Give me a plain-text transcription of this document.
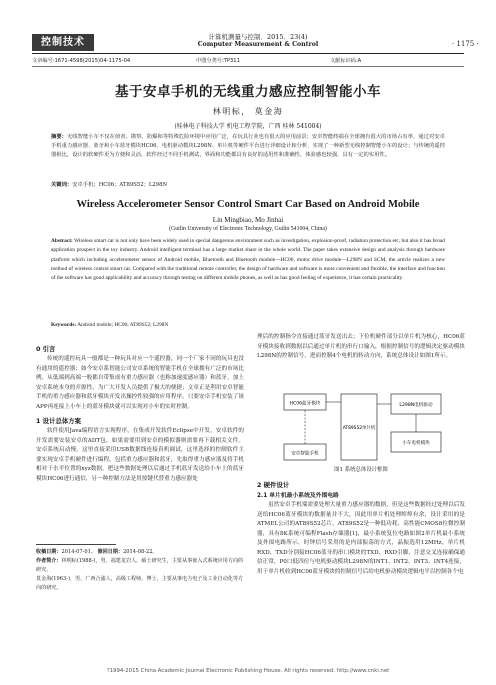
控制技术	计算机测量与控制．2015．23(4)
Computer Measurement & Control	· 1175 ·
文章编号:1671-4598(2015)04-1175-04	中图分类号:TP311	文献标识码:A
基于安卓手机的无线重力感应控制智能小车
林明标， 莫金海
(桂林电子科技大学 机电工程学院，广西 桂林 541004)
摘要：无线智能小车不仅在侦查、勘察、防爆和等特殊危险环境中应用广泛，在玩具行业也有很大的应用前景；安卓智能终端在全球拥有很大的市场占有率，通过对安卓手机重力感应器、蓝牙和小车蓝牙模块HC06、电机驱动模块L298N、单片机等硬件平台进行详细设计和分析，实现了一种新型无线控制智能小车的设计；与传统的遥控器相比，设计的软硬件更为方便和灵活，软件经过不同手机测试，界面和功能都具有良好的适用性和准确性，体验感也较强，具有一定的实用性。
关键词：安卓手机；HC06；AT89S52；L298N
Wireless Accelerometer Sensor Control Smart Car Based on Android Mobile
Lin Mingbiao, Mo Jinhai
(Guilin University of Electronic Technology, Guilin 541004, China)
Abstract: Wireless smart car is not only have been widely used in special dangerous environment such as investigation, explosion-proof, radiation protection etc, but also it has broad application prospect in the toy industry. Android intelligent terminal has a large market share in the whole world. The paper takes extensive design and analysis through hardware platform which including accelerometer sensor of Android mobile, Bluetooth and Bluetooth module—HC06, motor drive module—L298N and SCM, the article realizes a new method of wireless control smart car. Compared with the traditional remote controller, the design of hardware and software is more convenient and flexible, the interface and function of the software has good applicability and accuracy through testing on different mobile phones, as well as has good feeling of experience, it has certain practicality.
Keywords: Android mobile; HC06; AT89S52; L298N
0 引言
传统的遥控玩具一般都是一种玩具对应一个遥控器，同一个厂家不同的玩具也没有通用的遥控器；如今安卓系智能公司安卓系统的智能手机在全球拥有广泛的市场比例，从低端到高端一般都自带集成有重力感应器（也称加速度感应器）和蓝牙，加上安卓系统本身的开源性，为广大开发人员提供了极大的便捷；文章正是利用安卓智能手机的重力感应器和蓝牙模块开发出操控性较强的应用程序，只要安卓手机安装了该APP再连接上小车上的蓝牙模块就可以实现对小车的实时控制。
1 设计总体方案
软件使用Java编程语言实现程序，在集成开发软件Eclipse中开发，安卓软件的开发需要安装安卓的ADT包，如果需要用到安卓的模拟器则需要再下载相关文件。安卓系统启动慢，这里直接采用USB数据线连接真机调试，这里选择的控制软件主要实现安卓手机硬件进行编程，包括重力感应器和蓝牙，先取得重力感应器及将手机相对于水平位置的xyz数据，把这些数据处理以后通过手机蓝牙发送给小车上的蓝牙模块HC06进行通信，另一种控制方法是用按键代替重力感应器处
理后的控制指令直接通过蓝牙发送出去；下位机硬件部分以单片机为核心，HC06蓝牙模块接收到数据以后通过单片机的串行口输入，根据控制信号的逻辑决定驱动模块L298N的控制信号，进而控制4个电机的转动方向，系统总体设计如图1所示。
HC06蓝牙模块
安卓智能手机
AT89S52单片机
L298N电机驱动
小车电机模块
图1 系统总体设计框图
2 硬件设计
2.1 单片机最小系统及外围电路
虽然安卓手机端需要处理大量重力感应器的数据，但是这些数据经过处理以后发送给HC06蓝牙模块的数据量并不大，因此用单片机处理绰绰有余，设计采用的是ATMEL公司的AT89S52芯片，AT89S52是一种低功耗、高性能CMOS8位微控制器，具有8K系统可编程Flash存储器[1]，最小系统复位电路如图2单片机最小系统及外围电路所示，时钟信号采用的是内部振荡的方式，晶振选用12MHz，单片机RXD、TXD分别接HC06蓝牙的串口模块的TXD、RXD引脚，注意交叉连接确保通信正常，P0口低四位与电机驱动模块L298N的INT1、INT2、INT3、INT4连接，用于单片机收到HC06蓝牙模块的控制信号后给电机驱动模块逻辑电平以控制各个电
收稿日期：2014-07-01。 修回日期：2014-08-22。
作者简介：林明标(1988-)，男，福建龙岩人，硕士研究生，主要从事嵌入式系统应用方向的研究。
莫金海(1963-)，男，广西合浦人，高级工程师，博士，主要从事电力电子及工业自动化等方向的研究。
?1994-2015 China Academic Journal Electronic Publishing House. All rights reserved. http://www.cnki.net
